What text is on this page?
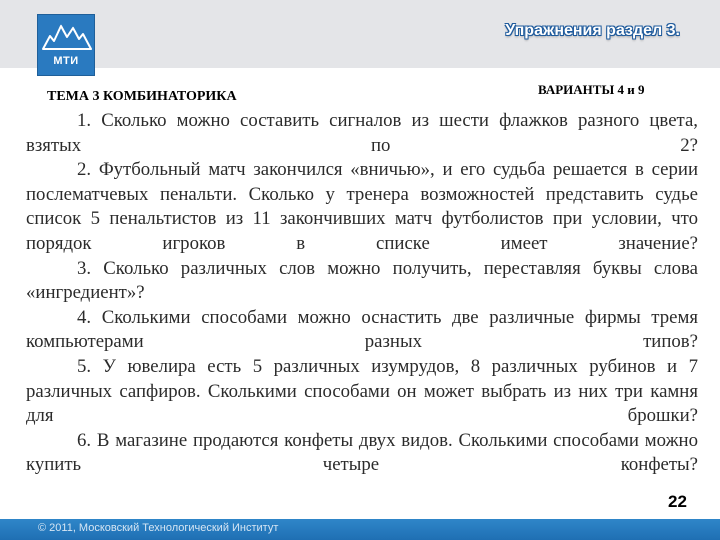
МТИ
Упражнения раздел 3.
ВАРИАНТЫ 4 и 9
ТЕМА 3 КОМБИНАТОРИКА

1. Сколько можно составить сигналов из шести флажков разного цвета, взятых по 2?

2. Футбольный матч закончился «вничью», и его судьба решается в серии послематчевых пенальти. Сколько у тренера возможностей представить судье список 5 пенальтистов из 11 закончивших матч футболистов при условии, что порядок игроков в списке имеет значение?

3. Сколько различных слов можно получить, переставляя буквы слова «ингредиент»?

4. Сколькими способами можно оснастить две различные фирмы тремя компьютерами разных типов?

5. У ювелира есть 5 различных изумрудов, 8 различных рубинов и 7 различных сапфиров. Сколькими способами он может выбрать из них три камня для брошки?

6. В магазине продаются конфеты двух видов. Сколькими способами можно купить четыре конфеты?

22
© 2011, Московский Технологический Институт
